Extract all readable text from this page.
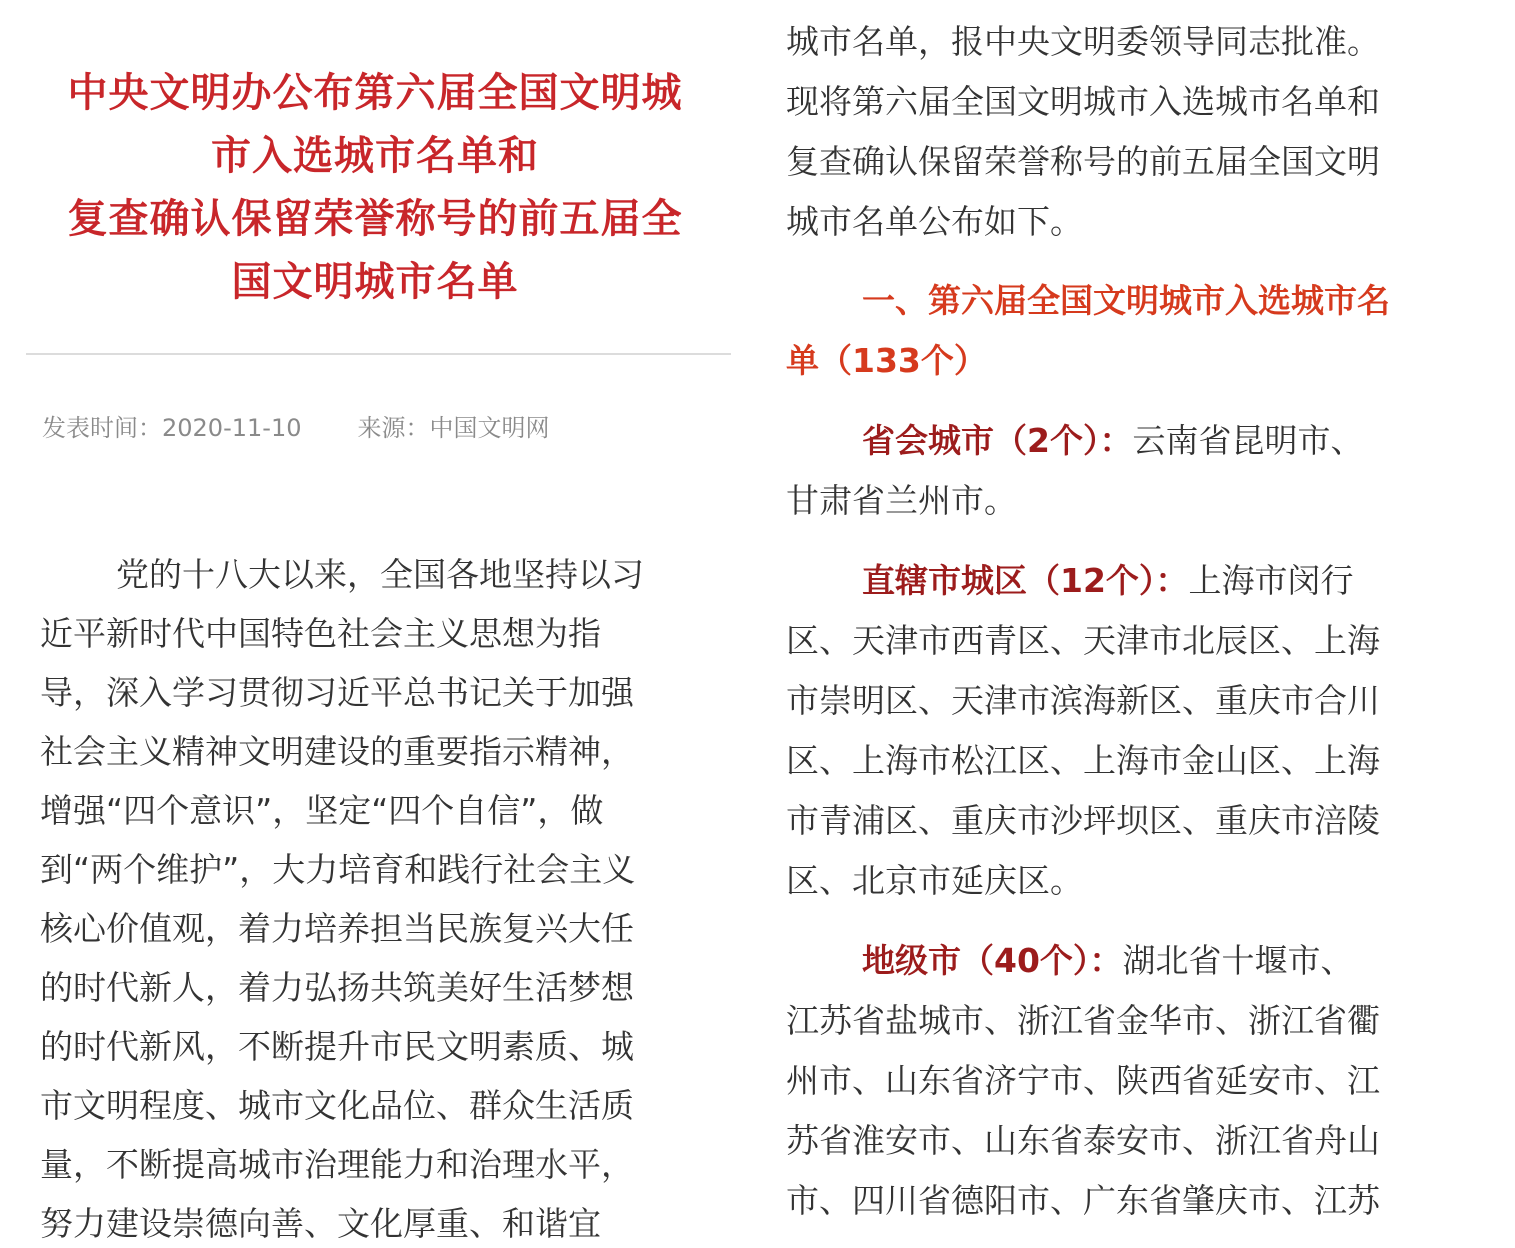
中央文明办公布第六届全国文明城
市入选城市名单和
复查确认保留荣誉称号的前五届全
国文明城市名单
发表时间：2020-11-10 来源：中国文明网

党的十八大以来，全国各地坚持以习
近平新时代中国特色社会主义思想为指
导，深入学习贯彻习近平总书记关于加强
社会主义精神文明建设的重要指示精神，
增强“四个意识”，坚定“四个自信”，做
到“两个维护”，大力培育和践行社会主义
核心价值观，着力培养担当民族复兴大任
的时代新人，着力弘扬共筑美好生活梦想
的时代新风，不断提升市民文明素质、城
市文明程度、城市文化品位、群众生活质
量，不断提高城市治理能力和治理水平，
努力建设崇德向善、文化厚重、和谐宜

城市名单，报中央文明委领导同志批准。
现将第六届全国文明城市入选城市名单和
复查确认保留荣誉称号的前五届全国文明
城市名单公布如下。

一、第六届全国文明城市入选城市名
单（133个）

省会城市（2个）：云南省昆明市、
甘肃省兰州市。

直辖市城区（12个）：上海市闵行
区、天津市西青区、天津市北辰区、上海
市崇明区、天津市滨海新区、重庆市合川
区、上海市松江区、上海市金山区、上海
市青浦区、重庆市沙坪坝区、重庆市涪陵
区、北京市延庆区。

地级市（40个）：湖北省十堰市、
江苏省盐城市、浙江省金华市、浙江省衢
州市、山东省济宁市、陕西省延安市、江
苏省淮安市、山东省泰安市、浙江省舟山
市、四川省德阳市、广东省肇庆市、江苏
